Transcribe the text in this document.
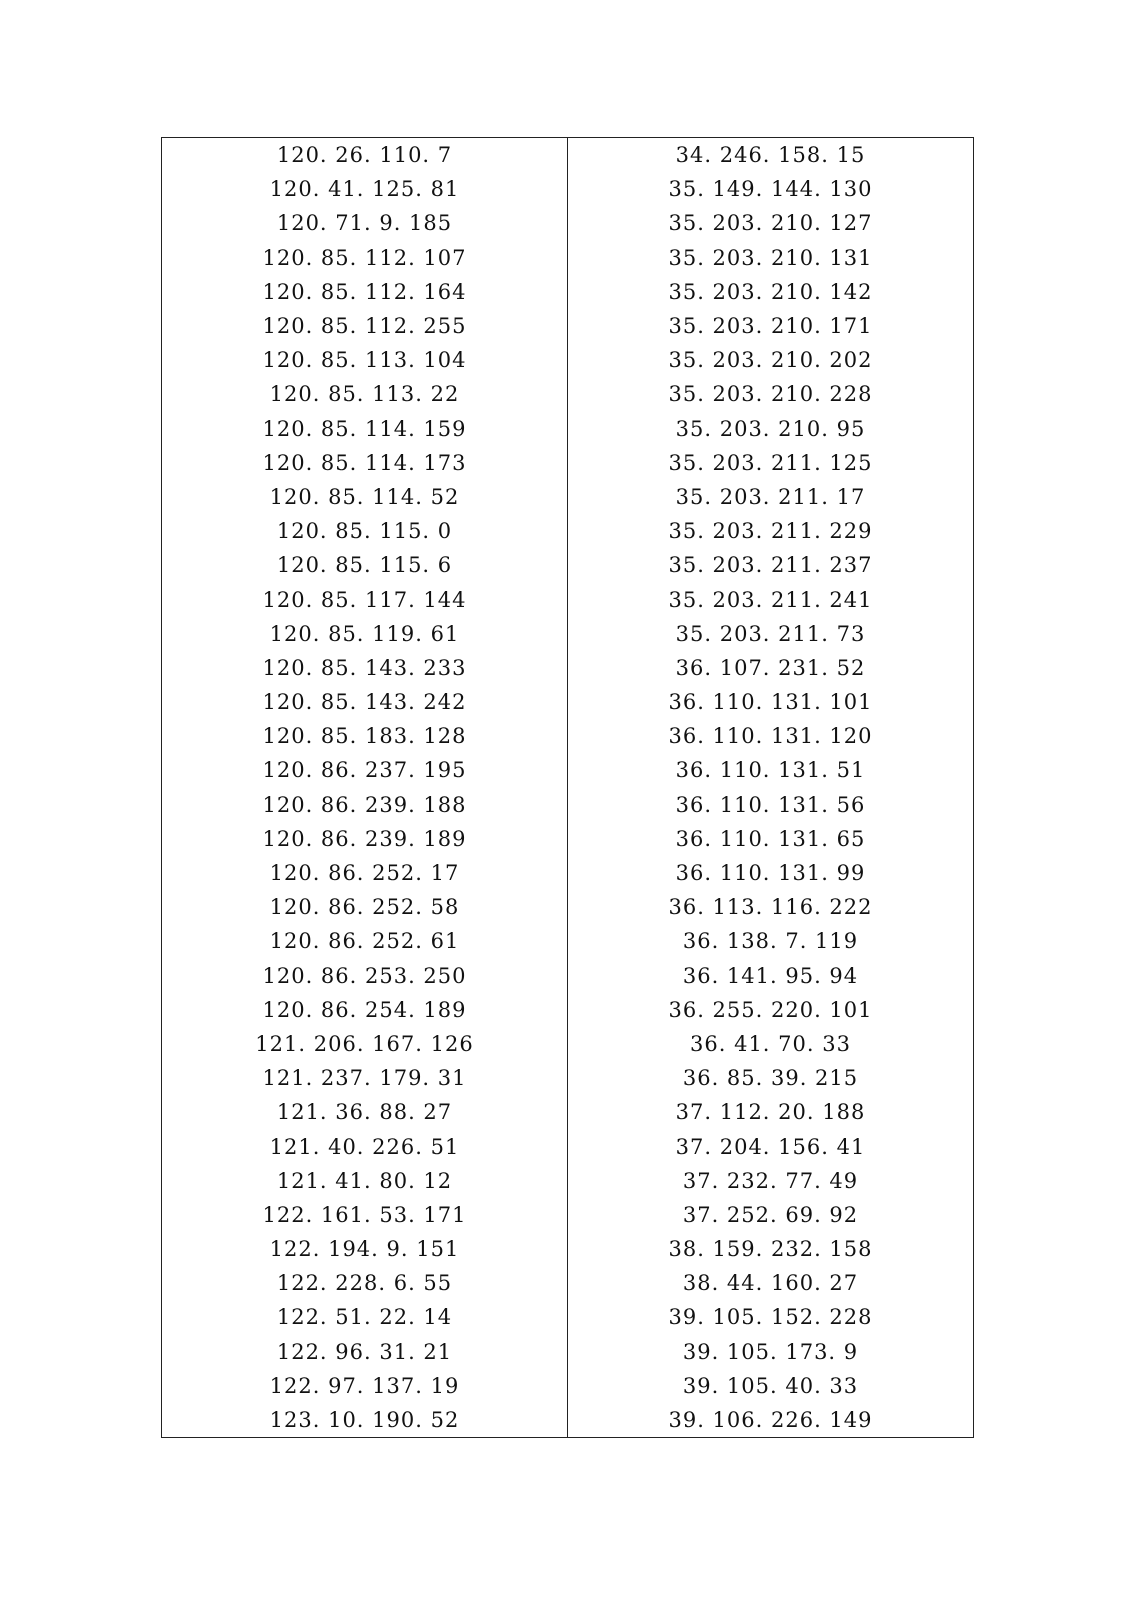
120. 26. 110. 7	34. 246. 158. 15
120. 41. 125. 81	35. 149. 144. 130
120. 71. 9. 185	35. 203. 210. 127
120. 85. 112. 107	35. 203. 210. 131
120. 85. 112. 164	35. 203. 210. 142
120. 85. 112. 255	35. 203. 210. 171
120. 85. 113. 104	35. 203. 210. 202
120. 85. 113. 22	35. 203. 210. 228
120. 85. 114. 159	35. 203. 210. 95
120. 85. 114. 173	35. 203. 211. 125
120. 85. 114. 52	35. 203. 211. 17
120. 85. 115. 0	35. 203. 211. 229
120. 85. 115. 6	35. 203. 211. 237
120. 85. 117. 144	35. 203. 211. 241
120. 85. 119. 61	35. 203. 211. 73
120. 85. 143. 233	36. 107. 231. 52
120. 85. 143. 242	36. 110. 131. 101
120. 85. 183. 128	36. 110. 131. 120
120. 86. 237. 195	36. 110. 131. 51
120. 86. 239. 188	36. 110. 131. 56
120. 86. 239. 189	36. 110. 131. 65
120. 86. 252. 17	36. 110. 131. 99
120. 86. 252. 58	36. 113. 116. 222
120. 86. 252. 61	36. 138. 7. 119
120. 86. 253. 250	36. 141. 95. 94
120. 86. 254. 189	36. 255. 220. 101
121. 206. 167. 126	36. 41. 70. 33
121. 237. 179. 31	36. 85. 39. 215
121. 36. 88. 27	37. 112. 20. 188
121. 40. 226. 51	37. 204. 156. 41
121. 41. 80. 12	37. 232. 77. 49
122. 161. 53. 171	37. 252. 69. 92
122. 194. 9. 151	38. 159. 232. 158
122. 228. 6. 55	38. 44. 160. 27
122. 51. 22. 14	39. 105. 152. 228
122. 96. 31. 21	39. 105. 173. 9
122. 97. 137. 19	39. 105. 40. 33
123. 10. 190. 52	39. 106. 226. 149
